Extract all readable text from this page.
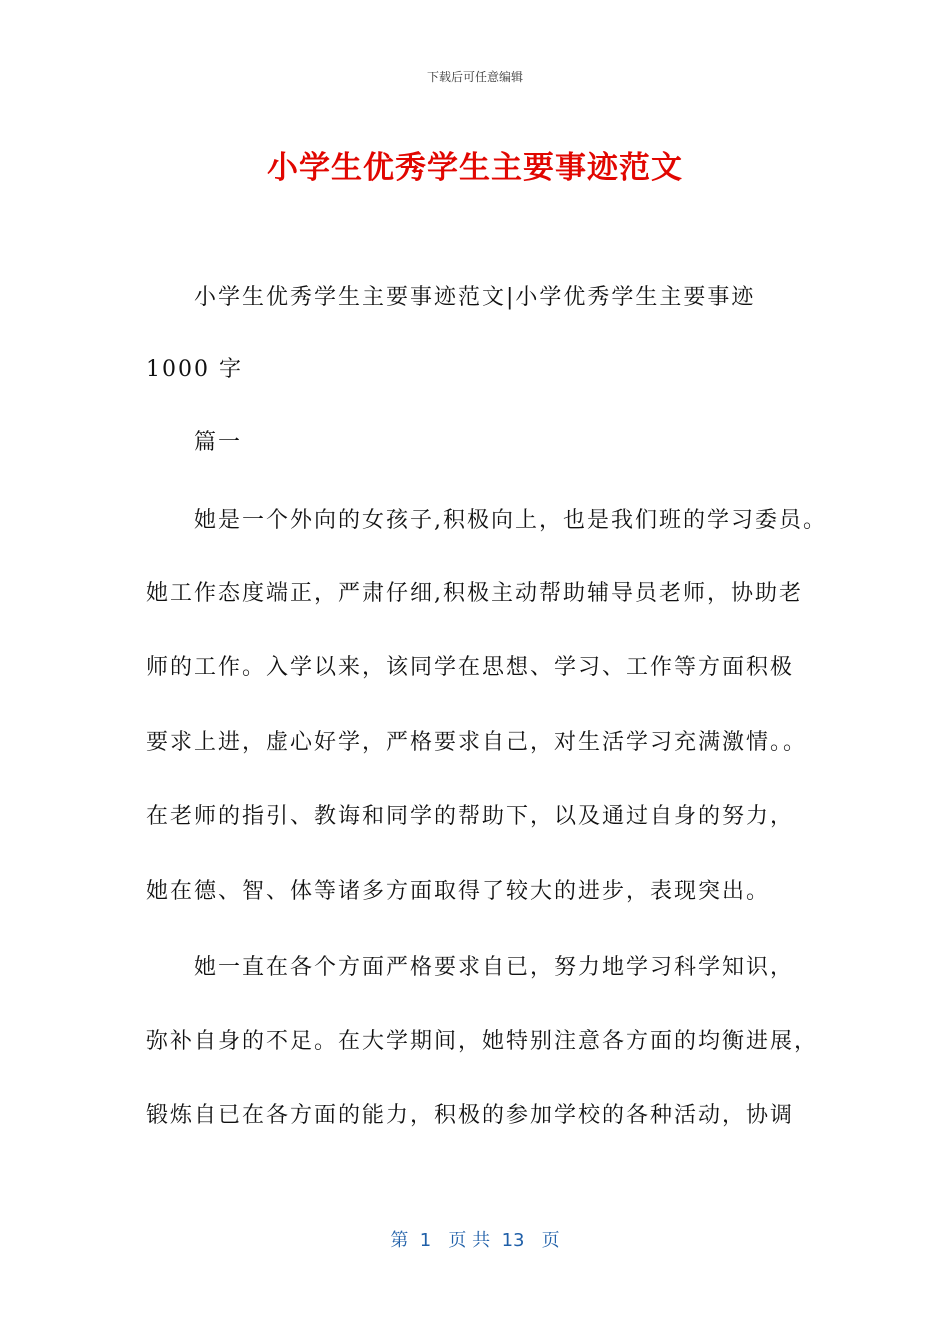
下载后可任意编辑
小学生优秀学生主要事迹范文
小学生优秀学生主要事迹范文|小学优秀学生主要事迹
1000 字
篇一
她是一个外向的女孩子,积极向上，也是我们班的学习委员。
她工作态度端正，严肃仔细,积极主动帮助辅导员老师，协助老
师的工作。入学以来，该同学在思想、学习、工作等方面积极
要求上进，虚心好学，严格要求自己，对生活学习充满激情。。
在老师的指引、教诲和同学的帮助下，以及通过自身的努力，
她在德、智、体等诸多方面取得了较大的进步，表现突出。
她一直在各个方面严格要求自已，努力地学习科学知识，
弥补自身的不足。在大学期间，她特别注意各方面的均衡进展，
锻炼自已在各方面的能力，积极的参加学校的各种活动，协调
第  1   页 共  13   页
